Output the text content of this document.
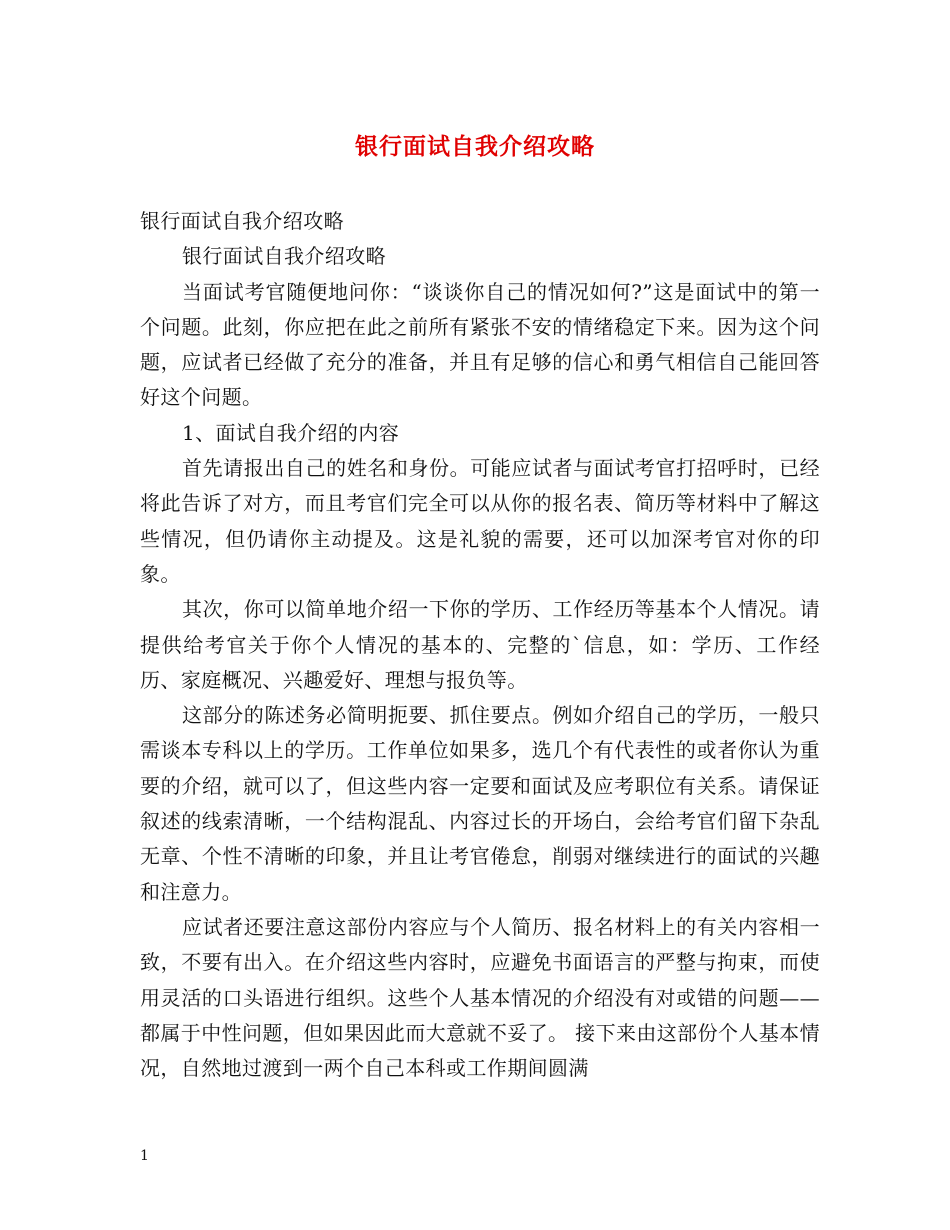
银行面试自我介绍攻略

银行面试自我介绍攻略

银行面试自我介绍攻略

当面试考官随便地问你：“谈谈你自己的情况如何?”这是面试中的第一个问题。此刻，你应把在此之前所有紧张不安的情绪稳定下来。因为这个问题，应试者已经做了充分的准备，并且有足够的信心和勇气相信自己能回答好这个问题。

1、面试自我介绍的内容

首先请报出自己的姓名和身份。可能应试者与面试考官打招呼时，已经将此告诉了对方，而且考官们完全可以从你的报名表、简历等材料中了解这些情况，但仍请你主动提及。这是礼貌的需要，还可以加深考官对你的印象。

其次，你可以简单地介绍一下你的学历、工作经历等基本个人情况。请提供给考官关于你个人情况的基本的、完整的`信息，如：学历、工作经历、家庭概况、兴趣爱好、理想与报负等。

这部分的陈述务必简明扼要、抓住要点。例如介绍自己的学历，一般只需谈本专科以上的学历。工作单位如果多，选几个有代表性的或者你认为重要的介绍，就可以了，但这些内容一定要和面试及应考职位有关系。请保证叙述的线索清晰，一个结构混乱、内容过长的开场白，会给考官们留下杂乱无章、个性不清晰的印象，并且让考官倦怠，削弱对继续进行的面试的兴趣和注意力。

应试者还要注意这部份内容应与个人简历、报名材料上的有关内容相一致，不要有出入。在介绍这些内容时，应避免书面语言的严整与拘束，而使用灵活的口头语进行组织。这些个人基本情况的介绍没有对或错的问题——都属于中性问题，但如果因此而大意就不妥了。 接下来由这部份个人基本情况，自然地过渡到一两个自己本科或工作期间圆满

1
